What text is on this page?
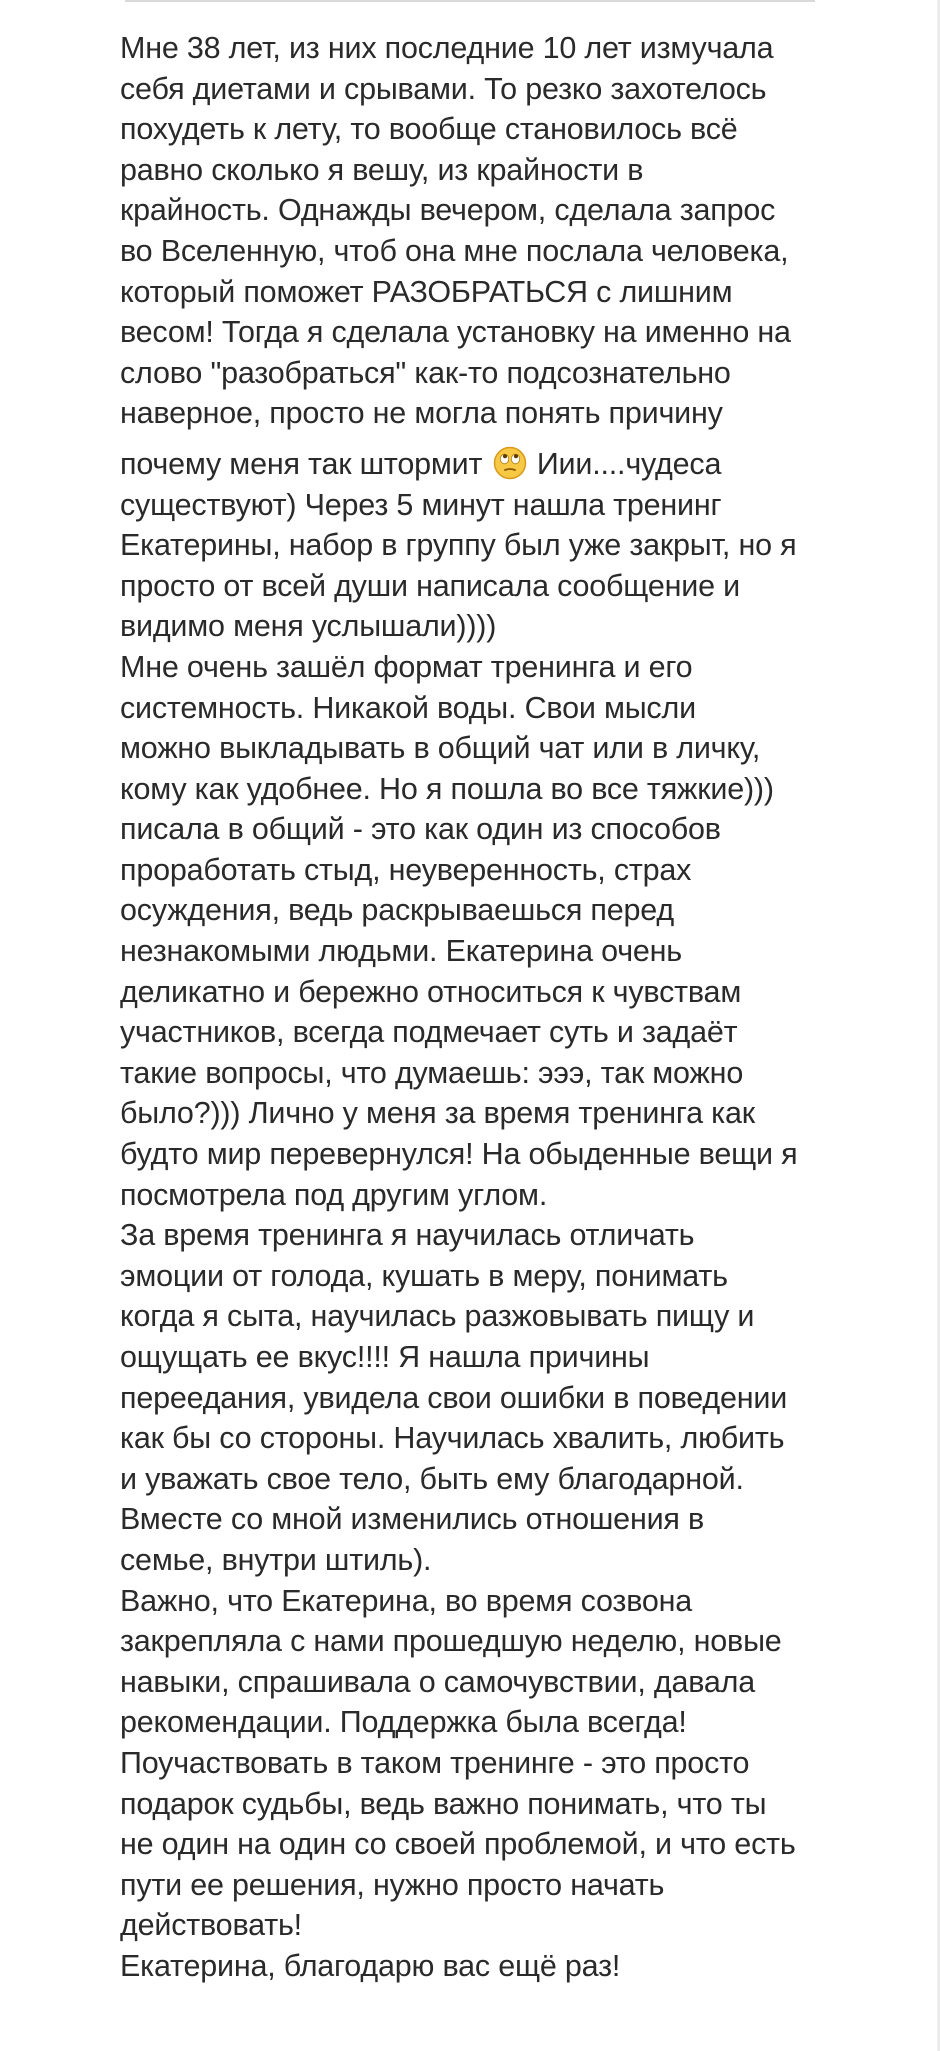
Мне 38 лет, из них последние 10 лет измучала
себя диетами и срывами. То резко захотелось
похудеть к лету, то вообще становилось всё
равно сколько я вешу, из крайности в
крайность. Однажды вечером, сделала запрос
во Вселенную, чтоб она мне послала человека,
который поможет РАЗОБРАТЬСЯ с лишним
весом! Тогда я сделала установку на именно на
слово "разобраться" как-то подсознательно
наверное, просто не могла понять причину
почему меня так штормит  Иии....чудеса
существуют) Через 5 минут нашла тренинг
Екатерины, набор в группу был уже закрыт, но я
просто от всей души написала сообщение и
видимо меня услышали))))
Мне очень зашёл формат тренинга и его
системность. Никакой воды. Свои мысли
можно выкладывать в общий чат или в личку,
кому как удобнее. Но я пошла во все тяжкие)))
писала в общий - это как один из способов
проработать стыд, неуверенность, страх
осуждения, ведь раскрываешься перед
незнакомыми людьми. Екатерина очень
деликатно и бережно относиться к чувствам
участников, всегда подмечает суть и задаёт
такие вопросы, что думаешь: эээ, так можно
было?))) Лично у меня за время тренинга как
будто мир перевернулся! На обыденные вещи я
посмотрела под другим углом.
За время тренинга я научилась отличать
эмоции от голода, кушать в меру, понимать
когда я сыта, научилась разжовывать пищу и
ощущать ее вкус!!!! Я нашла причины
переедания, увидела свои ошибки в поведении
как бы со стороны. Научилась хвалить, любить
и уважать свое тело, быть ему благодарной.
Вместе со мной изменились отношения в
семье, внутри штиль).
Важно, что Екатерина, во время созвона
закрепляла с нами прошедшую неделю, новые
навыки, спрашивала о самочувствии, давала
рекомендации. Поддержка была всегда!
Поучаствовать в таком тренинге - это просто
подарок судьбы, ведь важно понимать, что ты
не один на один со своей проблемой, и что есть
пути ее решения, нужно просто начать
действовать!
Екатерина, благодарю вас ещё раз!
